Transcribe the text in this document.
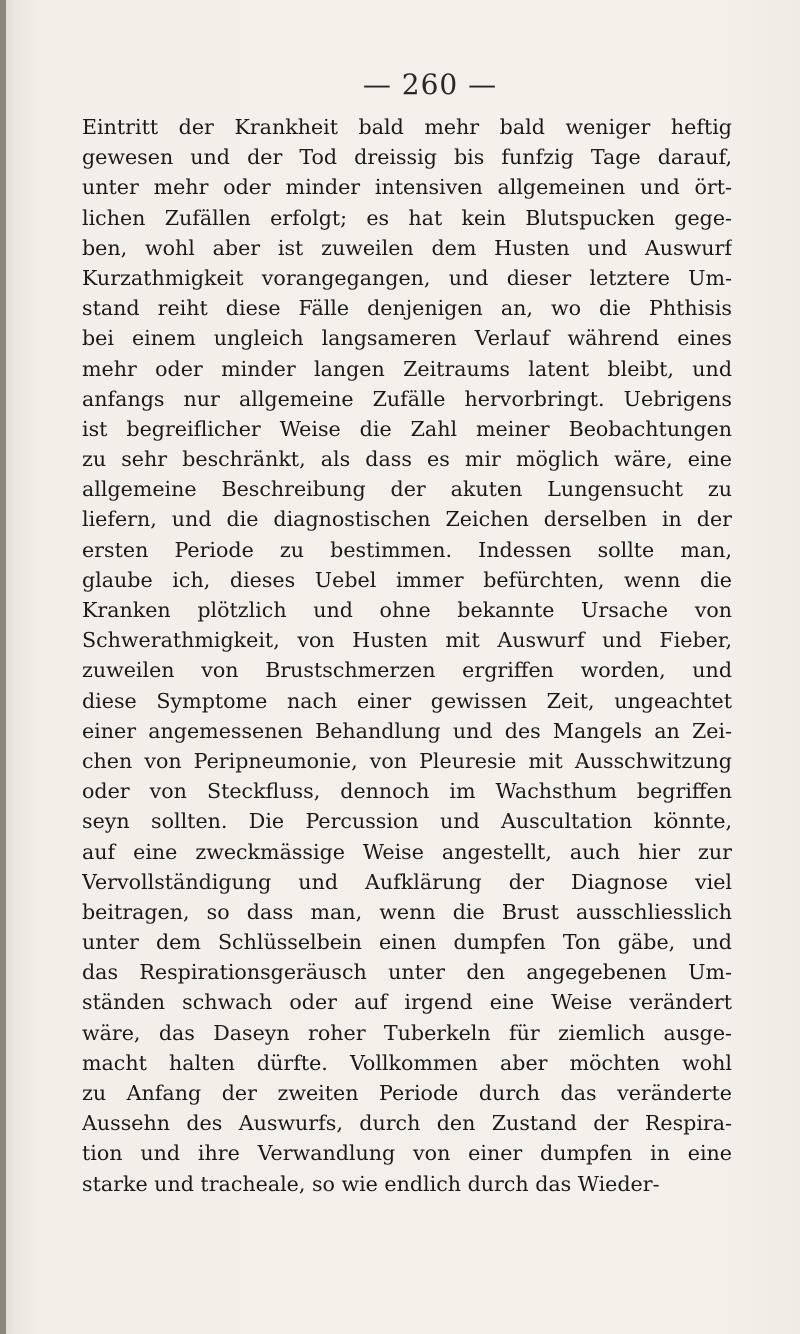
— 260 —
Eintritt der Krankheit bald mehr bald weniger heftig
gewesen und der Tod dreissig bis funfzig Tage darauf,
unter mehr oder minder intensiven allgemeinen und ört-
lichen Zufällen erfolgt; es hat kein Blutspucken gege-
ben, wohl aber ist zuweilen dem Husten und Auswurf
Kurzathmigkeit vorangegangen, und dieser letztere Um-
stand reiht diese Fälle denjenigen an, wo die Phthisis
bei einem ungleich langsameren Verlauf während eines
mehr oder minder langen Zeitraums latent bleibt, und
anfangs nur allgemeine Zufälle hervorbringt. Uebrigens
ist begreiflicher Weise die Zahl meiner Beobachtungen
zu sehr beschränkt, als dass es mir möglich wäre, eine
allgemeine Beschreibung der akuten Lungensucht zu
liefern, und die diagnostischen Zeichen derselben in der
ersten Periode zu bestimmen. Indessen sollte man,
glaube ich, dieses Uebel immer befürchten, wenn die
Kranken plötzlich und ohne bekannte Ursache von
Schwerathmigkeit, von Husten mit Auswurf und Fieber,
zuweilen von Brustschmerzen ergriffen worden, und
diese Symptome nach einer gewissen Zeit, ungeachtet
einer angemessenen Behandlung und des Mangels an Zei-
chen von Peripneumonie, von Pleuresie mit Ausschwitzung
oder von Steckfluss, dennoch im Wachsthum begriffen
seyn sollten. Die Percussion und Auscultation könnte,
auf eine zweckmässige Weise angestellt, auch hier zur
Vervollständigung und Aufklärung der Diagnose viel
beitragen, so dass man, wenn die Brust ausschliesslich
unter dem Schlüsselbein einen dumpfen Ton gäbe, und
das Respirationsgeräusch unter den angegebenen Um-
ständen schwach oder auf irgend eine Weise verändert
wäre, das Daseyn roher Tuberkeln für ziemlich ausge-
macht halten dürfte. Vollkommen aber möchten wohl
zu Anfang der zweiten Periode durch das veränderte
Aussehn des Auswurfs, durch den Zustand der Respira-
tion und ihre Verwandlung von einer dumpfen in eine
starke und tracheale, so wie endlich durch das Wieder-
